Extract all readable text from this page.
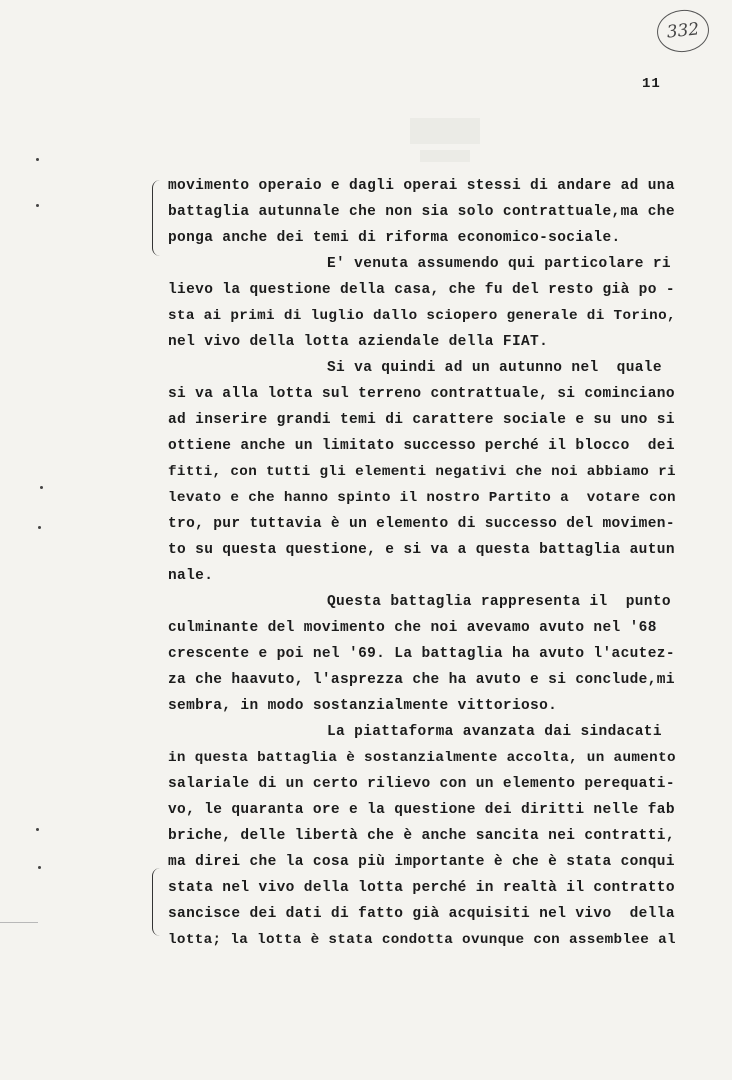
332
11
movimento operaio e dagli operai stessi di andare ad una
battaglia autunnale che non sia solo contrattuale,ma che
ponga anche dei temi di riforma economico-sociale.
E' venuta assumendo qui particolare ri
lievo la questione della casa, che fu del resto già po -
sta ai primi di luglio dallo sciopero generale di Torino,
nel vivo della lotta aziendale della FIAT.
Si va quindi ad un autunno nel  quale
si va alla lotta sul terreno contrattuale, si cominciano
ad inserire grandi temi di carattere sociale e su uno si
ottiene anche un limitato successo perché il blocco  dei
fitti, con tutti gli elementi negativi che noi abbiamo ri
levato e che hanno spinto il nostro Partito a  votare con
tro, pur tuttavia è un elemento di successo del movimen-
to su questa questione, e si va a questa battaglia autun
nale.
Questa battaglia rappresenta il  punto
culminante del movimento che noi avevamo avuto nel '68
crescente e poi nel '69. La battaglia ha avuto l'acutez-
za che haavuto, l'asprezza che ha avuto e si conclude,mi
sembra, in modo sostanzialmente vittorioso.
La piattaforma avanzata dai sindacati
in questa battaglia è sostanzialmente accolta, un aumento
salariale di un certo rilievo con un elemento perequati-
vo, le quaranta ore e la questione dei diritti nelle fab
briche, delle libertà che è anche sancita nei contratti,
ma direi che la cosa più importante è che è stata conqui
stata nel vivo della lotta perché in realtà il contratto
sancisce dei dati di fatto già acquisiti nel vivo  della
lotta; la lotta è stata condotta ovunque con assemblee al
